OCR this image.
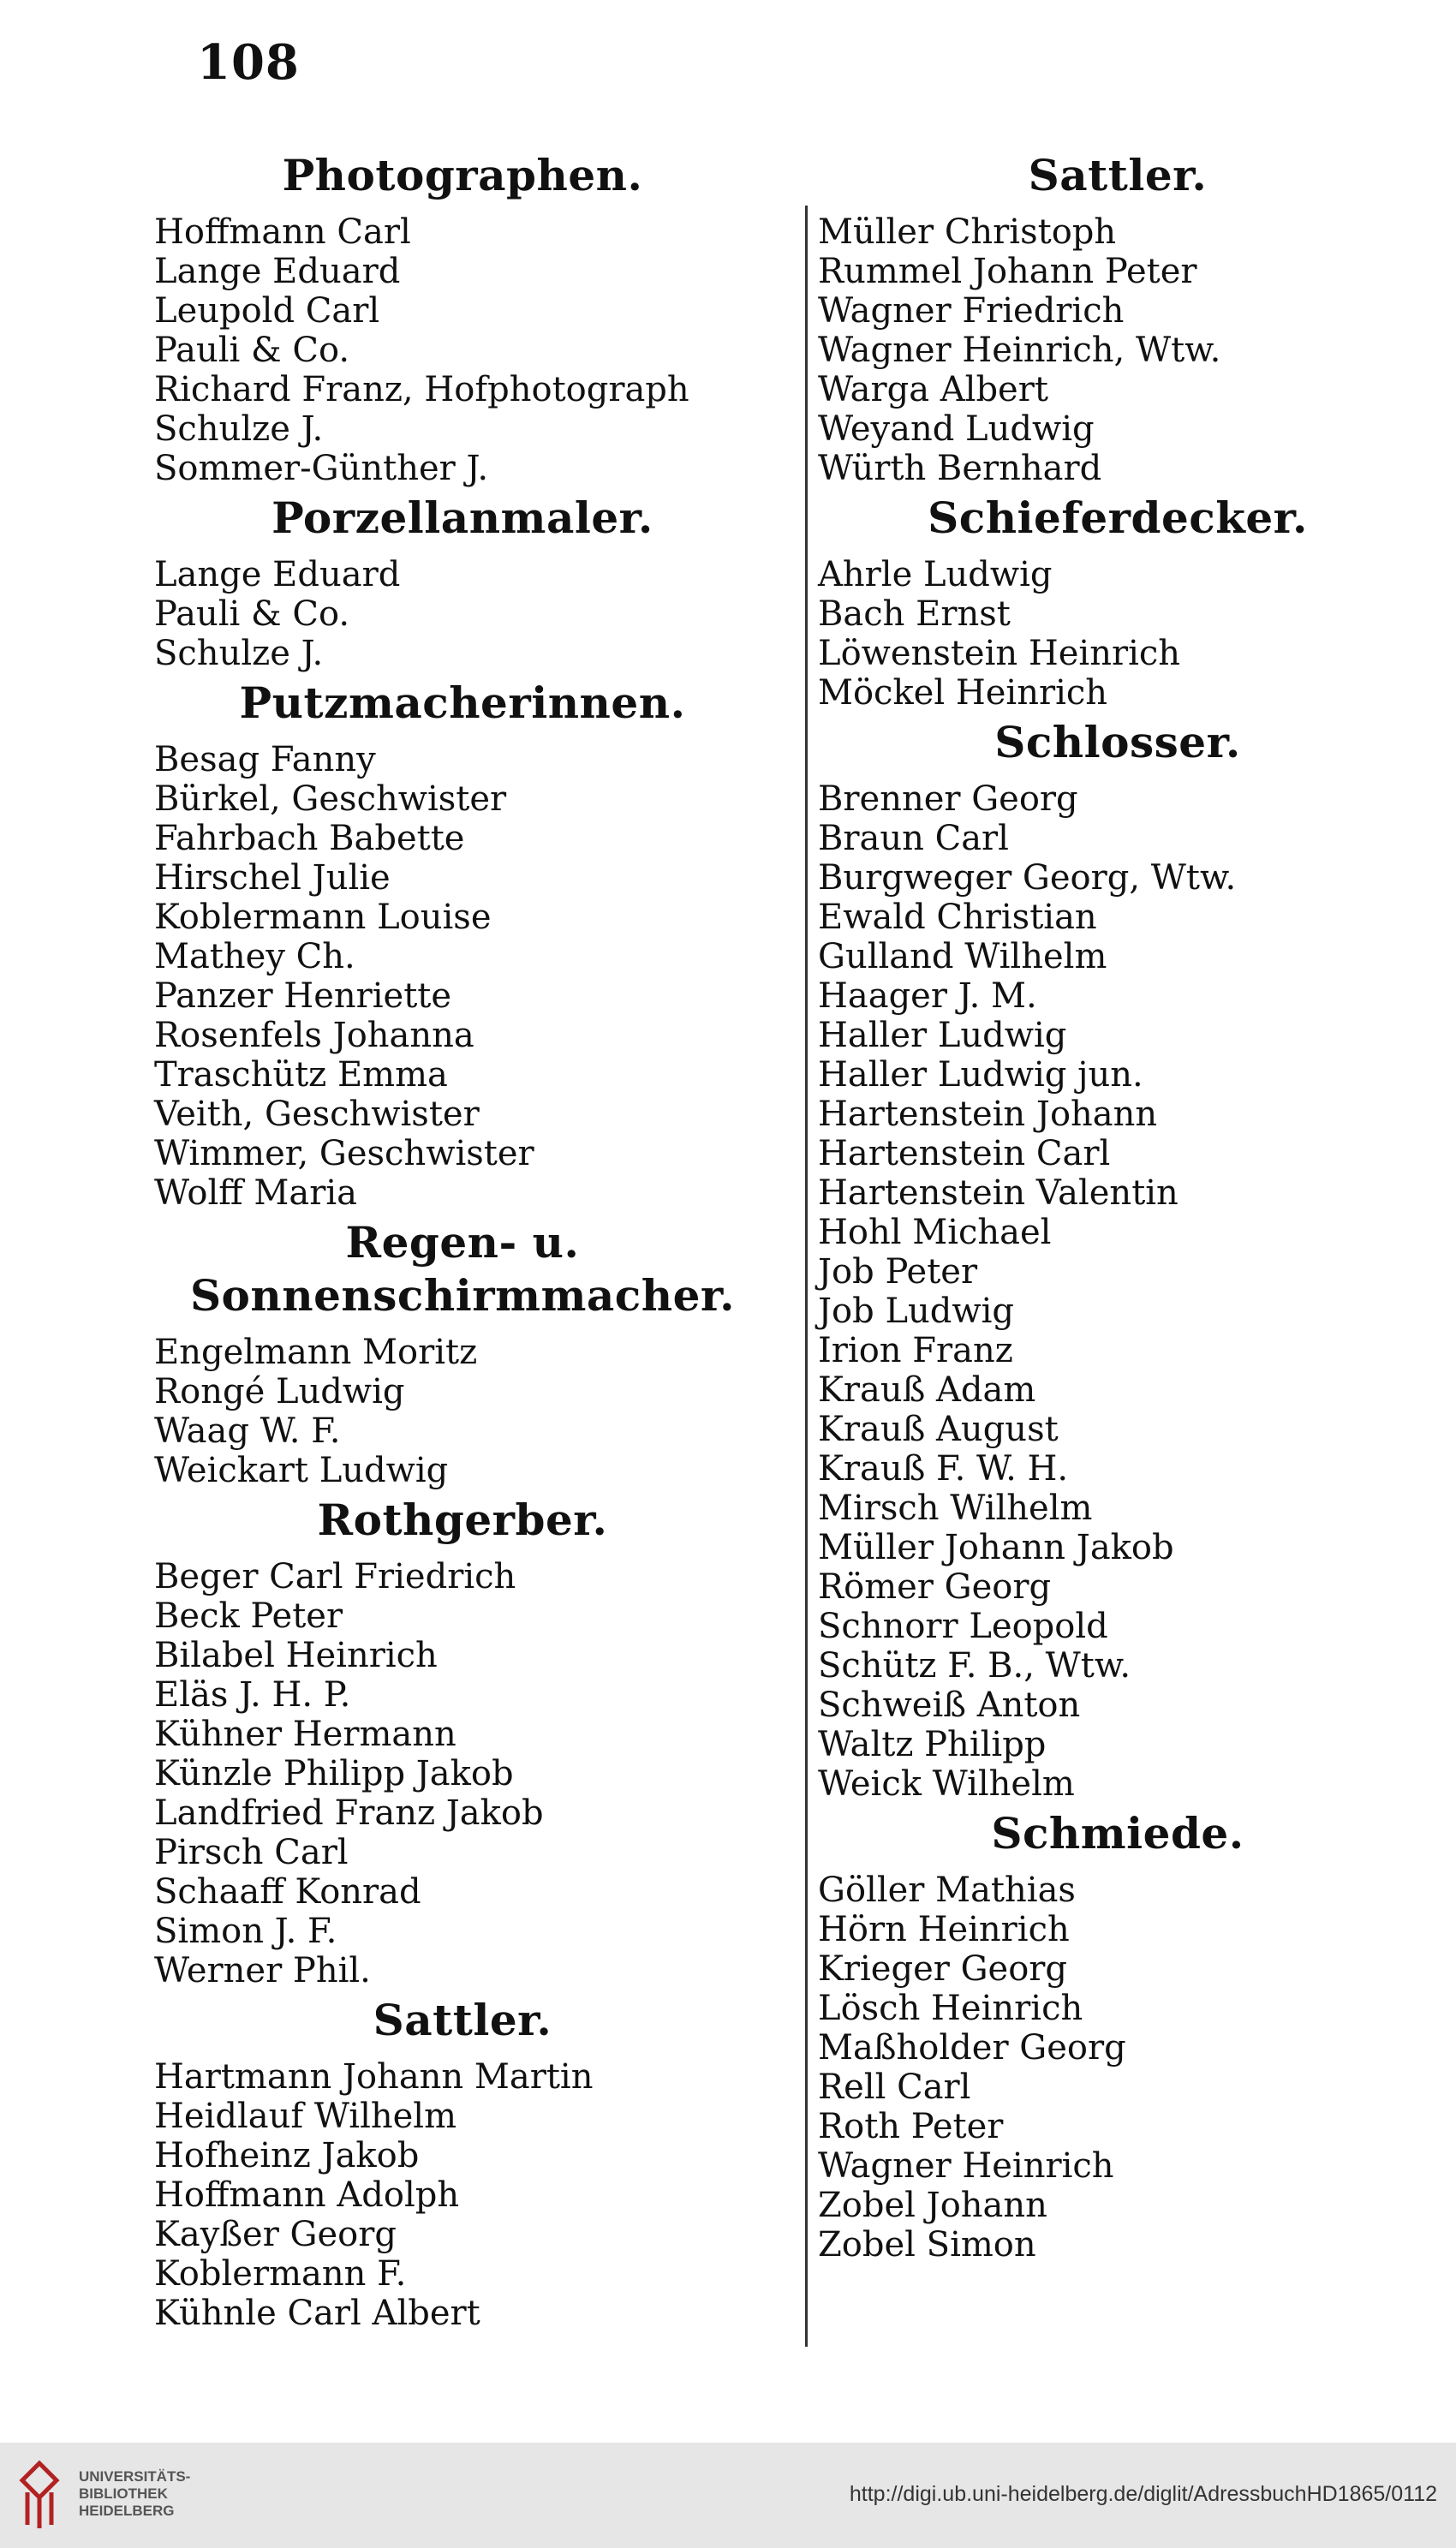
108
Photographen.
Hoffmann Carl
Lange Eduard
Leupold Carl
Pauli & Co.
Richard Franz, Hofphotograph
Schulze J.
Sommer-Günther J.
Porzellanmaler.
Lange Eduard
Pauli & Co.
Schulze J.
Putzmacherinnen.
Besag Fanny
Bürkel, Geschwister
Fahrbach Babette
Hirschel Julie
Koblermann Louise
Mathey Ch.
Panzer Henriette
Rosenfels Johanna
Traschütz Emma
Veith, Geschwister
Wimmer, Geschwister
Wolff Maria
Regen- u. Sonnenschirmmacher.
Engelmann Moritz
Rongé Ludwig
Waag W. F.
Weickart Ludwig
Rothgerber.
Beger Carl Friedrich
Beck Peter
Bilabel Heinrich
Eläs J. H. P.
Kühner Hermann
Künzle Philipp Jakob
Landfried Franz Jakob
Pirsch Carl
Schaaff Konrad
Simon J. F.
Werner Phil.
Sattler.
Hartmann Johann Martin
Heidlauf Wilhelm
Hofheinz Jakob
Hoffmann Adolph
Kayßer Georg
Koblermann F.
Kühnle Carl Albert
Sattler.
Müller Christoph
Rummel Johann Peter
Wagner Friedrich
Wagner Heinrich, Wtw.
Warga Albert
Weyand Ludwig
Würth Bernhard
Schieferdecker.
Ahrle Ludwig
Bach Ernst
Löwenstein Heinrich
Möckel Heinrich
Schlosser.
Brenner Georg
Braun Carl
Burgweger Georg, Wtw.
Ewald Christian
Gulland Wilhelm
Haager J. M.
Haller Ludwig
Haller Ludwig jun.
Hartenstein Johann
Hartenstein Carl
Hartenstein Valentin
Hohl Michael
Job Peter
Job Ludwig
Irion Franz
Krauß Adam
Krauß August
Krauß F. W. H.
Mirsch Wilhelm
Müller Johann Jakob
Römer Georg
Schnorr Leopold
Schütz F. B., Wtw.
Schweiß Anton
Waltz Philipp
Weick Wilhelm
Schmiede.
Göller Mathias
Hörn Heinrich
Krieger Georg
Lösch Heinrich
Maßholder Georg
Rell Carl
Roth Peter
Wagner Heinrich
Zobel Johann
Zobel Simon
UNIVERSITÄTS-
BIBLIOTHEK
HEIDELBERG
http://digi.ub.uni-heidelberg.de/diglit/AdressbuchHD1865/0112
